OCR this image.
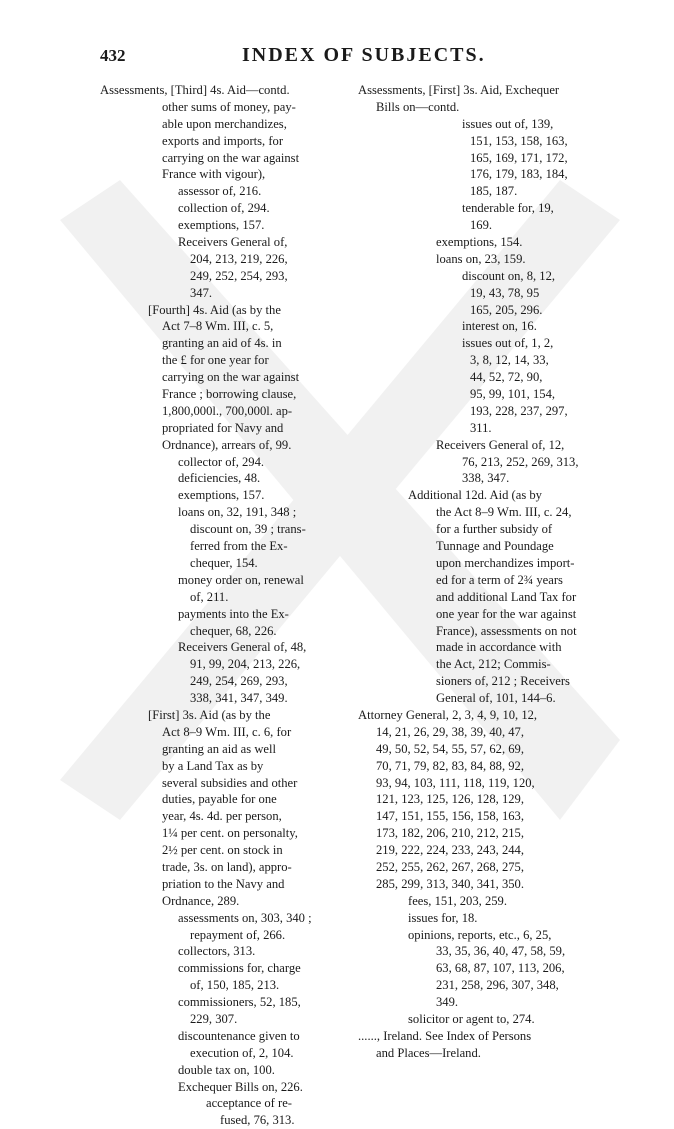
432	INDEX OF SUBJECTS.
Assessments, [Third] 4s. Aid—contd.
other sums of money, pay-
able upon merchandizes,
exports and imports, for
carrying on the war against
France with vigour),
assessor of, 216.
collection of, 294.
exemptions, 157.
Receivers General of,
204, 213, 219, 226,
249, 252, 254, 293,
347.
[Fourth] 4s. Aid (as by the
Act 7–8 Wm. III, c. 5,
granting an aid of 4s. in
the £ for one year for
carrying on the war against
France ; borrowing clause,
1,800,000l., 700,000l. ap-
propriated for Navy and
Ordnance), arrears of, 99.
collector of, 294.
deficiencies, 48.
exemptions, 157.
loans on, 32, 191, 348 ;
discount on, 39 ; trans-
ferred from the Ex-
chequer, 154.
money order on, renewal
of, 211.
payments into the Ex-
chequer, 68, 226.
Receivers General of, 48,
91, 99, 204, 213, 226,
249, 254, 269, 293,
338, 341, 347, 349.
[First] 3s. Aid (as by the
Act 8–9 Wm. III, c. 6, for
granting an aid as well
by a Land Tax as by
several subsidies and other
duties, payable for one
year, 4s. 4d. per person,
1¼ per cent. on personalty,
2½ per cent. on stock in
trade, 3s. on land), appro-
priation to the Navy and
Ordnance, 289.
assessments on, 303, 340 ;
repayment of, 266.
collectors, 313.
commissions for, charge
of, 150, 185, 213.
commissioners, 52, 185,
229, 307.
discountenance given to
execution of, 2, 104.
double tax on, 100.
Exchequer Bills on, 226.
acceptance of re-
fused, 76, 313.
Assessments, [First] 3s. Aid, Exchequer
Bills on—contd.
issues out of, 139,
151, 153, 158, 163,
165, 169, 171, 172,
176, 179, 183, 184,
185, 187.
tenderable for, 19,
169.
exemptions, 154.
loans on, 23, 159.
discount on, 8, 12,
19, 43, 78, 95
165, 205, 296.
interest on, 16.
issues out of, 1, 2,
3, 8, 12, 14, 33,
44, 52, 72, 90,
95, 99, 101, 154,
193, 228, 237, 297,
311.
Receivers General of, 12,
76, 213, 252, 269, 313,
338, 347.
Additional 12d. Aid (as by
the Act 8–9 Wm. III, c. 24,
for a further subsidy of
Tunnage and Poundage
upon merchandizes import-
ed for a term of 2¾ years
and additional Land Tax for
one year for the war against
France), assessments on not
made in accordance with
the Act, 212; Commis-
sioners of, 212 ; Receivers
General of, 101, 144–6.
Attorney General, 2, 3, 4, 9, 10, 12,
14, 21, 26, 29, 38, 39, 40, 47,
49, 50, 52, 54, 55, 57, 62, 69,
70, 71, 79, 82, 83, 84, 88, 92,
93, 94, 103, 111, 118, 119, 120,
121, 123, 125, 126, 128, 129,
147, 151, 155, 156, 158, 163,
173, 182, 206, 210, 212, 215,
219, 222, 224, 233, 243, 244,
252, 255, 262, 267, 268, 275,
285, 299, 313, 340, 341, 350.
fees, 151, 203, 259.
issues for, 18.
opinions, reports, etc., 6, 25,
33, 35, 36, 40, 47, 58, 59,
63, 68, 87, 107, 113, 206,
231, 258, 296, 307, 348,
349.
solicitor or agent to, 274.
......, Ireland. See Index of Persons
and Places—Ireland.
